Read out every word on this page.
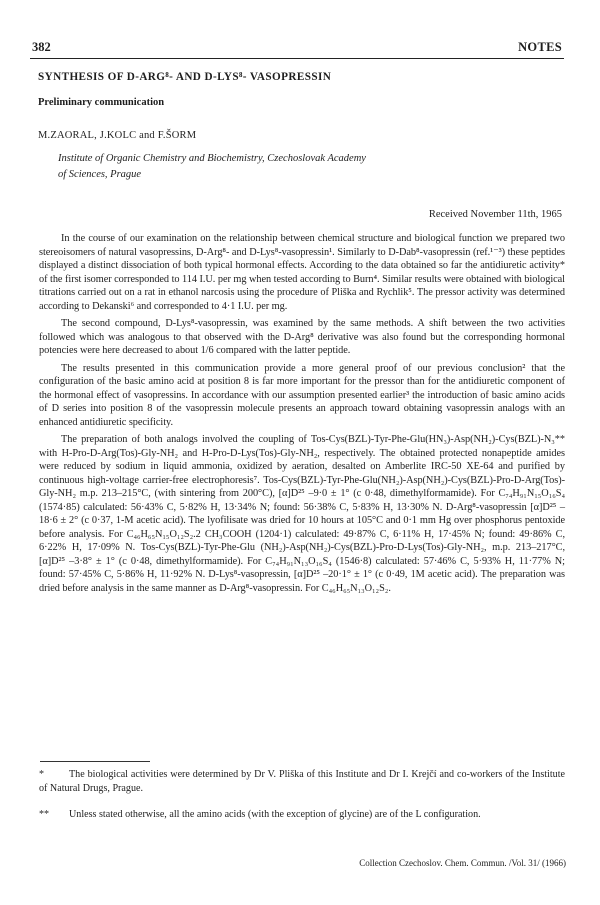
382	NOTES
SYNTHESIS OF D-ARG⁸- AND D-LYS⁸- VASOPRESSIN
Preliminary communication
M.ZAORAL, J.KOLC and F.ŠORM
Institute of Organic Chemistry and Biochemistry, Czechoslovak Academy
of Sciences, Prague
Received November 11th, 1965

In the course of our examination on the relationship between chemical structure and biological function we prepared two stereoisomers of natural vasopressins, D-Arg⁸- and D-Lys⁸-vasopressin¹. Similarly to D-Dab⁸-vasopressin (ref.¹⁻³) these peptides displayed a distinct dissociation of both typical hormonal effects. According to the data obtained so far the antidiuretic activity* of the first isomer corresponded to 114 I.U. per mg when tested according to Burn⁴. Similar results were obtained with biological titrations carried out on a rat in ethanol narcosis using the procedure of Pliška and Rychlik⁵. The pressor activity was determined according to Dekanski⁶ and corresponded to 4·1 I.U. per mg.

The second compound, D-Lys⁸-vasopressin, was examined by the same methods. A shift between the two activities followed which was analogous to that observed with the D-Arg⁸ derivative was also found but the corresponding hormonal potencies were here decreased to about 1/6 compared with the latter peptide.

The results presented in this communication provide a more general proof of our previous conclusion² that the configuration of the basic amino acid at position 8 is far more important for the pressor than for the antidiuretic component of the hormonal effect of vasopressins. In accordance with our assumption presented earlier³ the introduction of basic amino acids of D series into position 8 of the vasopressin molecule presents an approach toward obtaining vasopressin analogs with an enhanced antidiuretic specificity.

The preparation of both analogs involved the coupling of Tos-Cys(BZL)-Tyr-Phe-Glu(HN₃)-Asp(NH₂)-Cys(BZL)-N₃** with H-Pro-D-Arg(Tos)-Gly-NH₂ and H-Pro-D-Lys(Tos)-Gly-NH₂, respectively. The obtained protected nonapeptide amides were reduced by sodium in liquid ammonia, oxidized by aeration, desalted on Amberlite IRC-50 XE-64 and purified by continuous high-voltage carrier-free electrophoresis⁷. Tos-Cys(BZL)-Tyr-Phe-Glu(NH₂)-Asp(NH₂)-Cys(BZL)-Pro-D-Arg(Tos)-Gly-NH₂ m.p. 213–215°C, (with sintering from 200°C), [α]D²⁵ –9·0 ± 1° (c 0·48, dimethylformamide). For C₇₄H₉₁N₁₅O₁₆S₄ (1574·85) calculated: 56·43% C, 5·82% H, 13·34% N; found: 56·38% C, 5·83% H, 13·30% N. D-Arg⁸-vasopressin [α]D²⁵ –18·6 ± 2° (c 0·37, 1-M acetic acid). The lyofilisate was dried for 10 hours at 105°C and 0·1 mm Hg over phosphorus pentoxide before analysis. For C₄₆H₆₅N₁₅O₁₂S₂.2 CH₃COOH (1204·1) calculated: 49·87% C, 6·11% H, 17·45% N; found: 49·86% C, 6·22% H, 17·09% N. Tos-Cys(BZL)-Tyr-Phe-Glu (NH₂)-Asp(NH₂)-Cys(BZL)-Pro-D-Lys(Tos)-Gly-NH₂, m.p. 213–217°C, [α]D²⁵ –3·8° ± 1° (c 0·48, dimethylformamide). For C₇₄H₉₁N₁₃O₁₆S₄ (1546·8) calculated: 57·46% C, 5·93% H, 11·77% N; found: 57·45% C, 5·86% H, 11·92% N. D-Lys⁸-vasopressin, [α]D²⁵ –20·1° ± 1° (c 0·49, 1M acetic acid). The preparation was dried before analysis in the same manner as D-Arg⁸-vasopressin. For C₄₆H₆₅N₁₃O₁₂S₂.

* The biological activities were determined by Dr V. Pliška of this Institute and Dr I. Krejčí and co-workers of the Institute of Natural Drugs, Prague.
** Unless stated otherwise, all the amino acids (with the exception of glycine) are of the L configuration.
Collection Czechoslov. Chem. Commun. /Vol. 31/ (1966)
